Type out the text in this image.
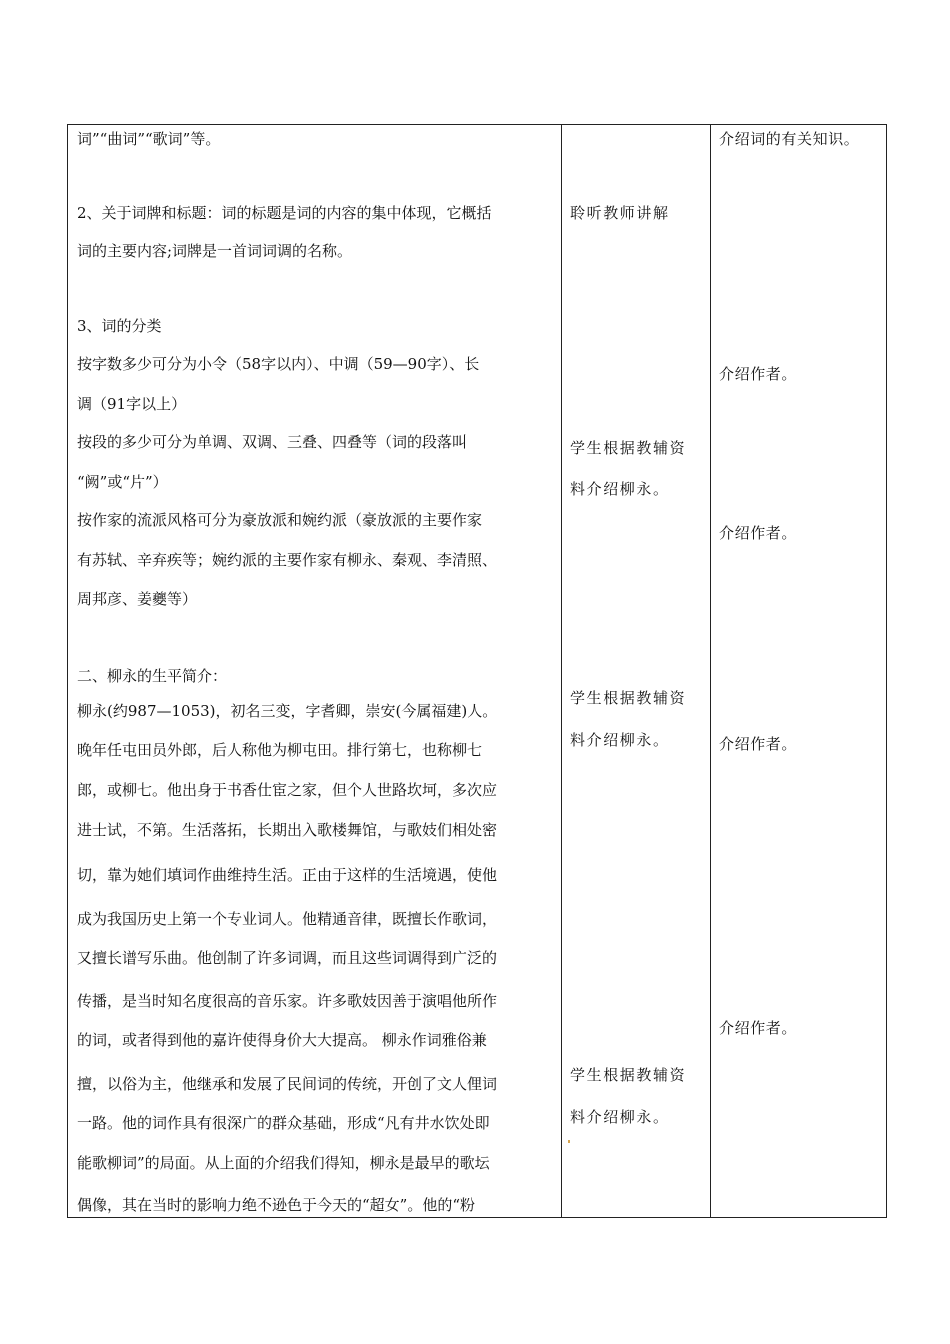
词”“曲词”“歌词”等。
2、关于词牌和标题：词的标题是词的内容的集中体现，它概括
词的主要内容;词牌是一首词词调的名称。
3、词的分类
按字数多少可分为小令（58字以内）、中调（59—90字）、长
调（91字以上）
按段的多少可分为单调、双调、三叠、四叠等（词的段落叫
“阙”或“片”）
按作家的流派风格可分为豪放派和婉约派（豪放派的主要作家
有苏轼、辛弃疾等；婉约派的主要作家有柳永、秦观、李清照、
周邦彦、姜夔等）
二、柳永的生平简介：
柳永(约987—1053)，初名三变，字耆卿，崇安(今属福建)人。
晚年任屯田员外郎，后人称他为柳屯田。排行第七，也称柳七
郎，或柳七。他出身于书香仕宦之家，但个人世路坎坷，多次应
进士试，不第。生活落拓，长期出入歌楼舞馆，与歌妓们相处密
切，靠为她们填词作曲维持生活。正由于这样的生活境遇，使他
成为我国历史上第一个专业词人。他精通音律，既擅长作歌词，
又擅长谱写乐曲。他创制了许多词调，而且这些词调得到广泛的
传播，是当时知名度很高的音乐家。许多歌妓因善于演唱他所作
的词，或者得到他的嘉许使得身价大大提高。 柳永作词雅俗兼
擅，以俗为主，他继承和发展了民间词的传统，开创了文人俚词
一路。他的词作具有很深广的群众基础，形成“凡有井水饮处即
能歌柳词”的局面。从上面的介绍我们得知，柳永是最早的歌坛
偶像，其在当时的影响力绝不逊色于今天的“超女”。他的“粉
聆听教师讲解
学生根据教辅资
料介绍柳永。
学生根据教辅资
料介绍柳永。
学生根据教辅资
料介绍柳永。
介绍词的有关知识。
介绍作者。
介绍作者。
介绍作者。
介绍作者。
